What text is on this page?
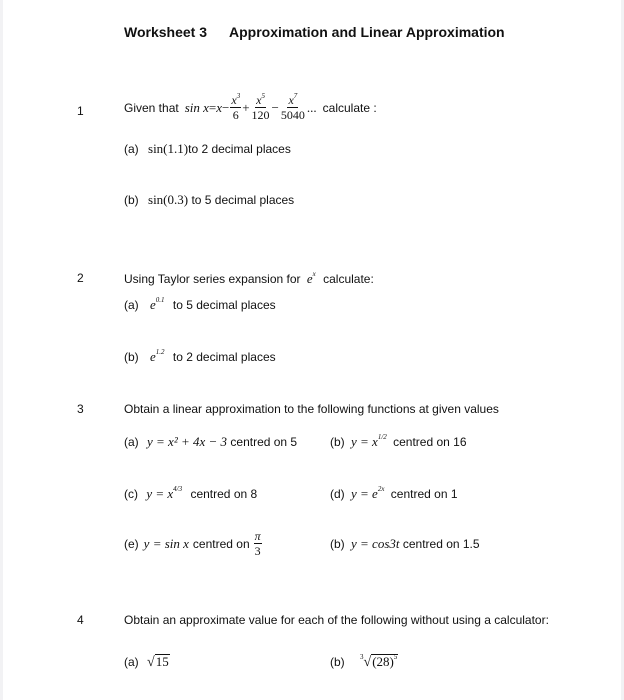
Worksheet 3 Approximation and Linear Approximation
1	Given that $\sin x = x - \frac{x^3}{6} + \frac{x^5}{120} - \frac{x^7}{5040}$ ... calculate :
(a) sin(1.1)to 2 decimal places
(b) sin(0.3) to 5 decimal places
2	Using Taylor series expansion for $e^x$ calculate:
(a) $e^{0.1}$ to 5 decimal places
(b) $e^{1.2}$ to 2 decimal places
3	Obtain a linear approximation to the following functions at given values
(a) y = x² + 4x − 3 centred on 5	(b) $y = x^{1/2}$ centred on 16
(c) $y = x^{4/3}$ centred on 8	(d) $y = e^{2x}$ centred on 1
(e) y = sin x centred on $\frac{\pi}{3}$	(b) y = cos3t centred on 1.5
4	Obtain an approximate value for each of the following without using a calculator:
(a) √15	(b) $^3√(28)^5$
